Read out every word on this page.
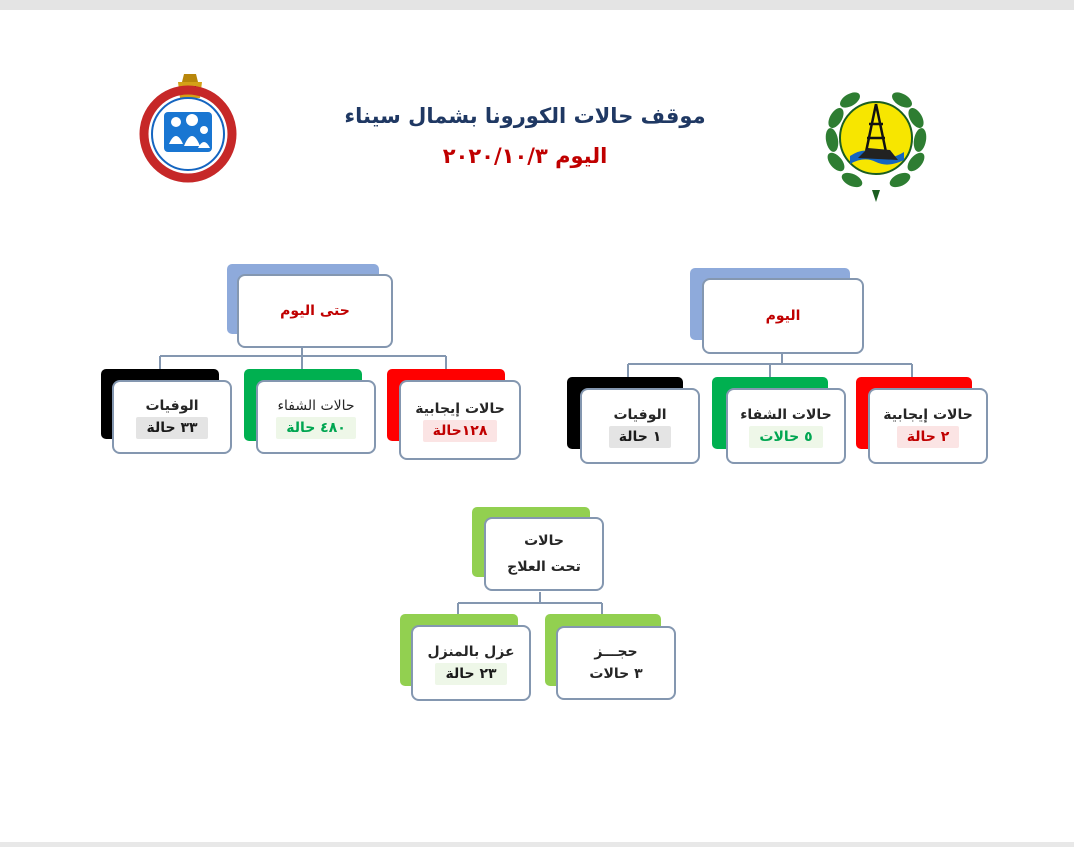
موقف حالات الكورونا بشمال سيناء
اليوم ٢٠٢٠/١٠/٣
اليوم
حالات إيجابية
٢ حالة
حالات الشفاء
٥ حالات
الوفيات
١ حالة
حتى اليوم
حالات إيجابية
١٢٨حالة
حالات الشفاء
٤٨٠ حالة
الوفيات
٣٣ حالة
حالات
تحت العلاج
حجـــز
٣ حالات
عزل بالمنزل
٢٣ حالة
